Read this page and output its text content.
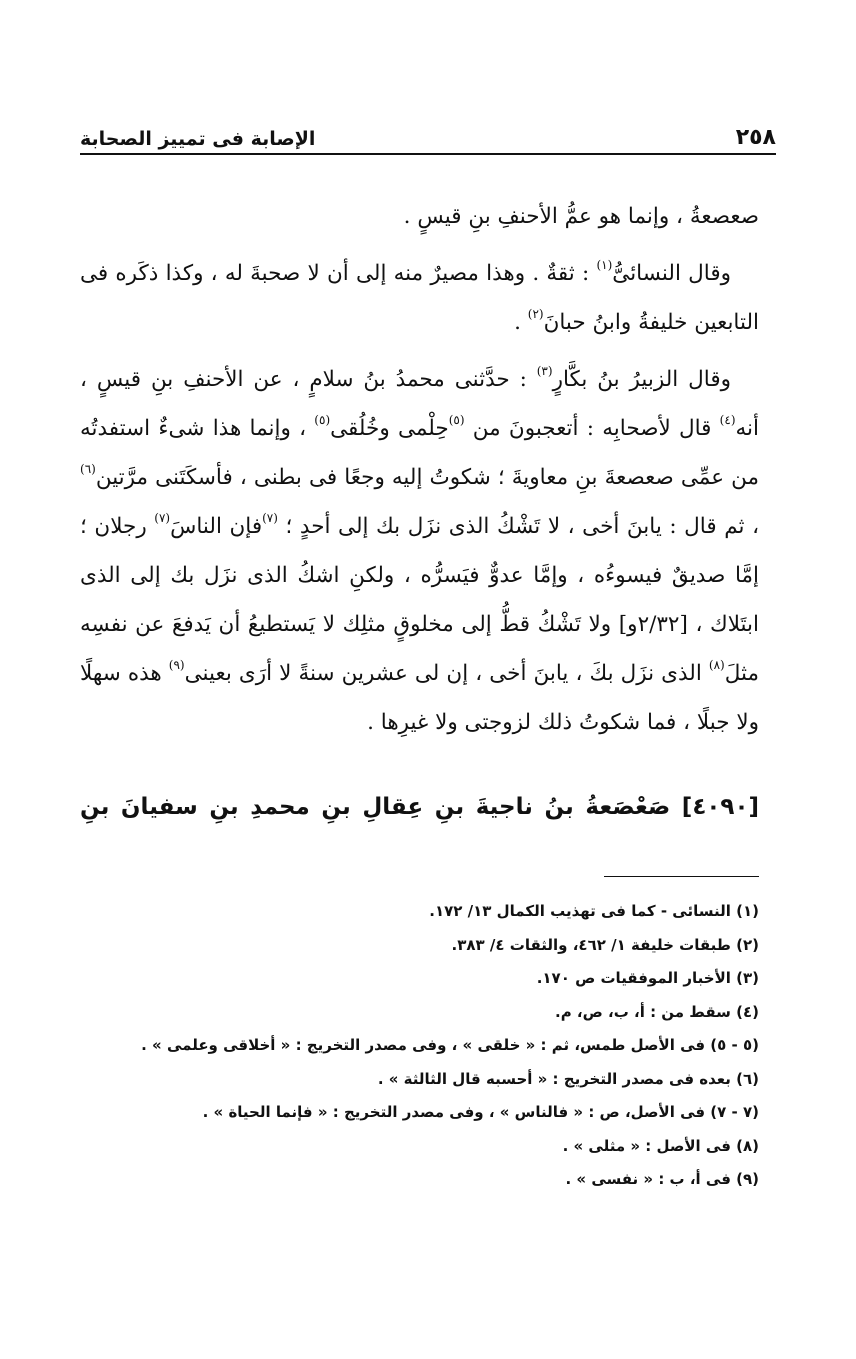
٢٥٨
الإصابة فى تمييز الصحابة

صعصعةُ ، وإنما هو عمُّ الأحنفِ بنِ قيسٍ .

وقال النسائىُّ$^{(١)}$ : ثقةٌ . وهذا مصيرٌ منه إلى أن لا صحبةَ له ، وكذا ذكَره فى التابعين خليفةُ وابنُ حبانَ$^{(٢)}$ .

وقال الزبيرُ بنُ بكَّارٍ$^{(٣)}$ : حدَّثنى محمدُ بنُ سلامٍ ، عن الأحنفِ بنِ قيسٍ ، أنه$^{(٤)}$ قال لأصحابِه : أتعجبونَ من $^{(٥)}$حِلْمى وخُلُقى$^{(٥)}$ ، وإنما هذا شىءٌ استفدتُه من عمِّى صعصعةَ بنِ معاويةَ ؛ شكوتُ إليه وجعًا فى بطنى ، فأسكَتَنى مرَّتين$^{(٦)}$ ، ثم قال : يابنَ أخى ، لا تَشْكُ الذى نزَل بك إلى أحدٍ ؛ $^{(٧)}$فإن الناسَ$^{(٧)}$ رجلان ؛ إمَّا صديقٌ فيسوءُه ، وإمَّا عدوٌّ فيَسرُّه ، ولكنِ اشكُ الذى نزَل بك إلى الذى ابتَلاك ، [٢/٣٢و] ولا تَشْكُ قطُّ إلى مخلوقٍ مثلِك لا يَستطيعُ أن يَدفعَ عن نفسِه مثلَ$^{(٨)}$ الذى نزَل بكَ ، يابنَ أخى ، إن لى عشرين سنةً لا أرَى بعينى$^{(٩)}$ هذه سهلًا ولا جبلًا ، فما شكوتُ ذلك لزوجتى ولا غيرِها .

[٤٠٩٠] صَعْصَعةُ بنُ ناجيةَ بنِ عِقالِ بنِ محمدِ بنِ سفيانَ بنِ
(١) النسائى - كما فى تهذيب الكمال ١٣/ ١٧٢.
(٢) طبقات خليفة ١/ ٤٦٢، والثقات ٤/ ٣٨٣.
(٣) الأخبار الموفقيات ص ١٧٠.
(٤) سقط من : أ، ب، ص، م.
(٥ - ٥) فى الأصل طمس، ثم : « خلقى » ، وفى مصدر التخريج : « أخلاقى وعلمى » .
(٦) بعده فى مصدر التخريج : « أحسبه قال الثالثة » .
(٧ - ٧) فى الأصل، ص : « فالناس » ، وفى مصدر التخريج : « فإنما الحياة » .
(٨) فى الأصل : « مثلى » .
(٩) فى أ، ب : « نفسى » .
